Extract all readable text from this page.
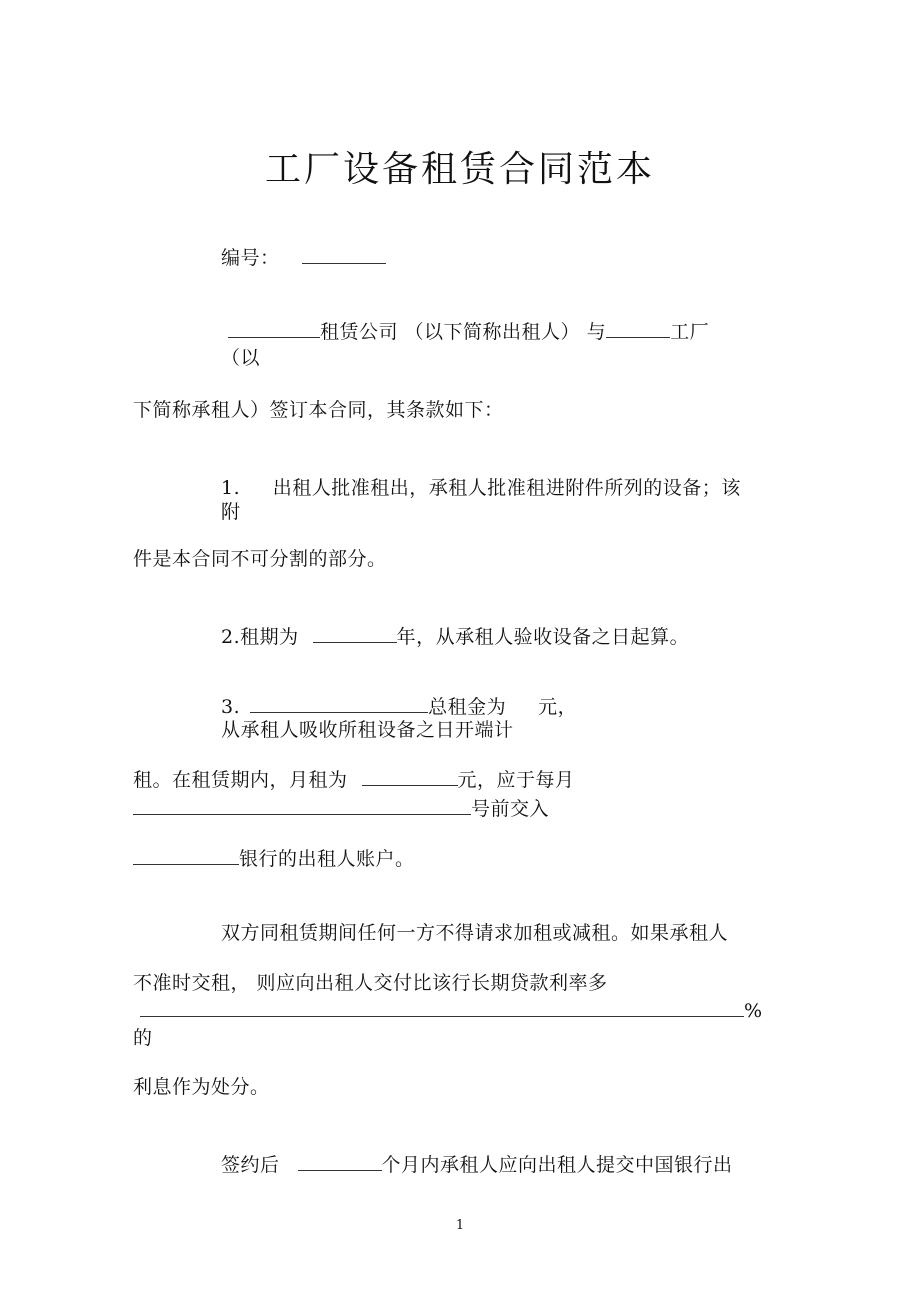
工厂设备租赁合同范本
编号：
租赁公司 （以下简称出租人） 与	工厂
（以
下简称承租人）签订本合同，其条款如下：
1. 出租人批准租出，承租人批准租进附件所列的设备；该
附
件是本合同不可分割的部分。
2.租期为	年，从承租人验收设备之日起算。
3.	总租金为 元，
从承租人吸收所租设备之日开端计
租。在租赁期内，月租为	元，应于每月
号前交入
银行的出租人账户。
双方同租赁期间任何一方不得请求加租或减租。如果承租人
不准时交租， 则应向出租人交付比该行长期贷款利率多
%
的
利息作为处分。
签约后	个月内承租人应向出租人提交中国银行出
1
